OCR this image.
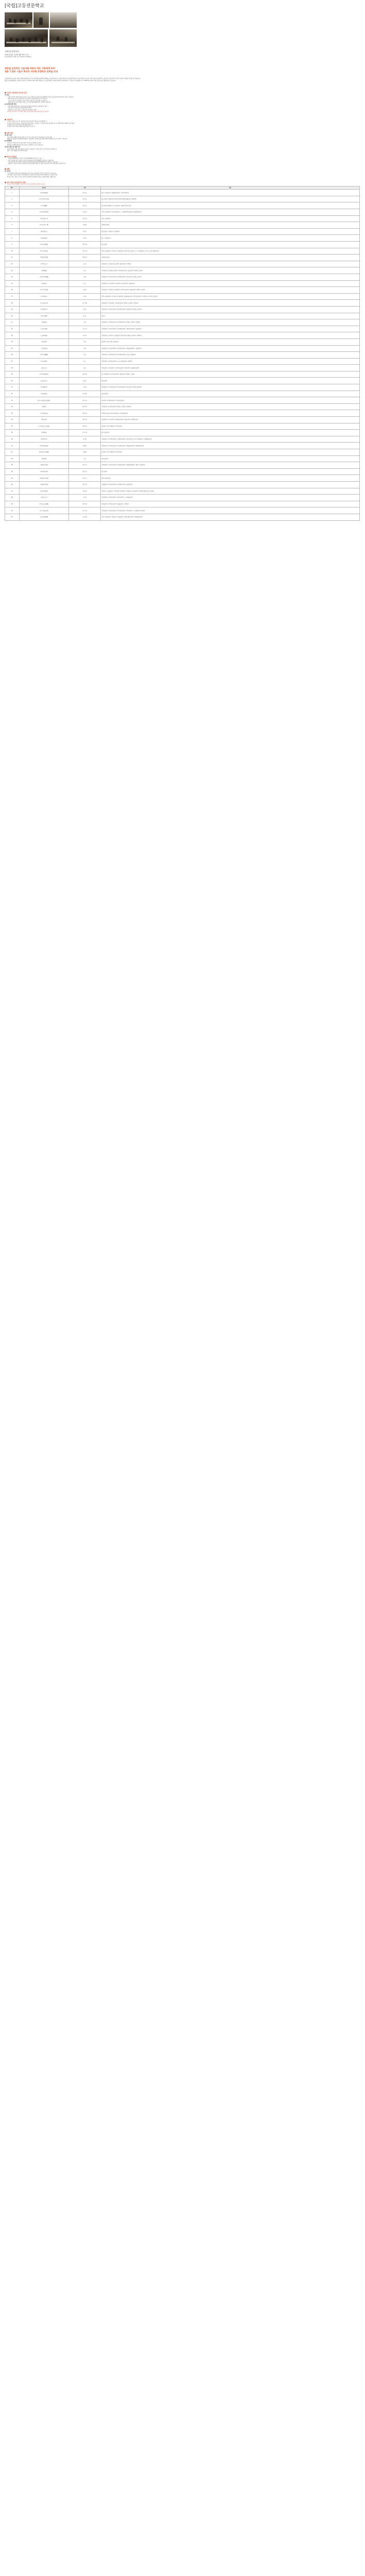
[국립]고등전문학교
국립고등전문학교
3개년 편입을 포함해 생활·학비 안내
(국공립학교) 일본 전국 51개교 57캠퍼스
취준을 실천적인 기술자를 목표로 하는 사람에게 최적
일본 기업의 기술자 학교로 국공립 공립학교 입학을 안내
고등전문학교(고전)는 중학교 졸업자를 대상으로 하는 5년제(상선계 5년 6개월) 고등교육기관으로, 실천적·창조적 기술자를 육성하는 것을 목적으로 합니다. 일본 전국에 국립 51교, 공립 3교, 사립 3교가 있으며 외국인 유학생도 받아들이고 있습니다.
졸업 후 본과졸업생은 '준학사'의 칭호가 부여되며, 대학 3학년 편입학 또는 전공과(2년) 진학을 통해 학사 학위 취득도 가능합니다. 취업률은 거의 100%에 가까워 기업으로부터 높은 평가를 받고 있습니다.
■ 고전의 교육과정 목적 및 특징
1) 특징
· 입학 후 3년간 일반교육(국어, 영어, 수학, 사회 등)과 전문교육을 병행하며 학년이 올라갈수록 전문과목의 비중이 커집니다.
· 실험·실습을 중시한 교육과정으로 실천적인 기술을 몸에 익힐 수 있습니다.
· 소인수 교육으로 교원과의 거리가 가깝고 세심한 지도를 받을 수 있습니다.
· 로봇콘테스트, 프로그래밍 콘테스트 등 각종 경진대회에 적극 참가하고 있습니다.
2) 유학생 입학 경로
· 일본 정부(문부과학성) 국비외국인유학생(고등전문학교 유학생)으로 입학
· 사비 외국인 유학생으로 편입학(3학년 편입)
· 말레이시아, 몽골, 태국 등 정부 파견 유학생으로 입학
※ 한국인의 경우 국비 유학생 선발은 주한일본대사관을 통해 매년 실시됩니다.
■ 지원자격
① 외국 국적을 가진 자로 외국에서 학교교육 12년 과정을 이수(예정)한 자
② 일본어능력이 입학 후 수업을 받기에 충분하다고 인정되는 자 (일본어능력시험 N2 이상 또는 EJU 일본어 200점 이상 권장)
③ 입학 시점 기준 만 17세 이상 22세 미만인 자
④ 일본 입국 후 '유학' 재류자격을 취득할 수 있는 자
■ 입학 절차
1) 원서 접수
매년 11월~12월 (학교별 상이) 각 고전 입시 담당 창구로 직접 제출 또는 우편 제출
제출서류: 입학원서, 졸업(예정)증명서, 성적증명서, 일본어능력 증명서, EJU 성적통지서 사본, 추천서, 여권 사본
2) 선발방법
서류심사, 학력검사(수학·물리·화학), 면접 등을 종합적으로 평가
학력검사는 EJU(일본유학시험) 성적으로 대체하는 학교가 많습니다.
3) 합격 발표 및 입학 수속
합격자 발표는 1월~2월 중순에 실시되며, 입학금 및 수업료 납부 후 입학 절차가 완료됩니다.
입학 시기는 4월입니다. (3학년 편입)
■ 학비 및 장학금
· 입학금: 84,600엔 / 수업료: 연간 234,600엔 (국립 고전 기준)
· 국비 유학생의 경우 입학금·수업료가 면제되며 월 117,000엔의 장학금이 지급됩니다.
· 사비 유학생은 문부과학성 외국인 유학생 학습장려비(월 48,000엔) 등에 지원할 수 있습니다.
· 대부분의 고전에 기숙사가 설치되어 있으며 저렴한 비용으로 이용 가능합니다. (식비 포함 월 3~4만엔 정도)
■ 생활
1) 기숙사
고전 대부분은 학생 기숙사(학료)를 갖추고 있으며 유학생은 우선적으로 입사할 수 있습니다.
기숙사에는 일본인 학생도 함께 생활하므로 일본어 실력 향상과 문화 이해에 큰 도움이 됩니다.
2) 튜터 제도: 입학 후 1년간 일본인 학생 튜터가 배정되어 학습 및 생활 전반을 지원합니다.
■ 전국 국립고등전문학교 일람
※ 학과 구성은 변경될 수 있으므로 각 학교 홈페이지를 확인해 주십시오.
No.	학교명	지역	학과
1	하코다테(函館)	홋카이도	생산시스템공학과 / 물질환경공학과 / 사회기반공학과
2	도마코마이(苫小牧)	홋카이도	창조공학과 (기계계·전기전자계·정보계·응용화학생물계·도시환경계)
3	구시로(釧路)	홋카이도	창조공학과 (엘렉트로닉스·정보공학·기계공학·건축디자인)
4	아사히카와(旭川)	홋카이도	기계시스템공학과 / 전기정보공학과 / 시스템제어정보공학과 / 물질화학공학과
5	하치노헤(八戸)	아오모리	산업시스템공학과
6	이치노세키(一関)	이와테	미래창조공학과
7	센다이(仙台)	미야기	총합공학과 / 정보전자시스템공학과
8	아키타(秋田)	아키타	창조시스템공학과
9	쓰루오카(鶴岡)	야마가타	창조공학과
10	후쿠시마(福島)	후쿠시마	기계시스템공학과 / 전기전자시스템공학과 / 화학·바이오공학과 / 도시시스템공학과 / 비즈니스코뮤니케이션학과
11	이바라키(茨城)	이바라키	국제창조공학과
12	오야마(小山)	도치기	기계공학과 / 전기전자창조공학과 / 물질공학과 / 건축학과
13	군마(群馬)	군마	기계공학과 / 전자메디어공학과 / 전자정보공학과 / 물질공학과 / 환경도시공학과
14	기사라즈(木更津)	지바	기계공학과 / 전기전자공학과 / 전자제어공학과 / 정보공학과 / 환경도시공학과
15	도쿄(東京)	도쿄	기계공학과 / 전기공학과 / 전자공학과 / 정보공학과 / 물질공학과
16	나가오카(長岡)	니가타	기계공학과 / 전기전자시스템공학과 / 전자제어공학과 / 물질공학과 / 환경도시공학과
17	도야마(富山)	도야마	기계시스템공학과 / 전기제어시스템공학과 / 물질화학공학과 / 전자정보공학과 / 국제비즈니스학과 / 상선학과
18	이시카와(石川)	이시카와	기계공학과 / 전기공학과 / 전자정보공학과 / 환경도시공학과 / 건축학과
19	후쿠이(福井)	후쿠이	기계공학과 / 전기전자공학과 / 전자정보공학과 / 물질공학과 / 환경도시공학과
20	나가노(長野)	나가노	공학과
21	기후(岐阜)	기후	기계공학과 / 전기정보공학과 / 전자제어공학과 / 환경도시공학과 / 건축학과
22	누마즈(沼津)	시즈오카	기계공학과 / 전기전자공학과 / 전자제어공학과 / 제어정보공학과 / 물질공학과
23	도요타(豊田)	아이치	기계공학과 / 전기전자시스템공학과 / 정보공학과 / 환경도시공학과 / 건축학과
24	도바(鳥羽)	미에	상선학과 / 정보기계시스템공학과
25	스즈카(鈴鹿)	미에	기계공학과 / 전기전자공학과 / 전자정보공학과 / 생물응용화학과 / 재료공학과
26	마이즈루(舞鶴)	교토	기계공학과 / 전기정보공학과 / 전자제어공학과 / 건설시스템공학과
27	아카시(明石)	효고	기계공학과 / 전기정보공학과 / 도시시스템공학과 / 건축학과
28	나라(奈良)	나라	기계공학과 / 전기공학과 / 전자제어공학과 / 정보공학과 / 물질화학공학과
29	와카야마(和歌山)	와카야마	지능기계공학과 / 전기정보공학과 / 물질공학과 / 환경도시공학과
30	요나고(米子)	돗토리	총합공학과
31	마쓰에(松江)	시마네	기계공학과 / 전기정보공학과 / 전자제어공학과 / 정보공학과 / 환경·건설공학과
32	쓰야마(津山)	오카야마	종합이공학과
33	히로시마상선(広島商船)	히로시마	상선학과 / 전자제어공학과 / 유통정보공학과
34	구레(呉)	히로시마	기계공학과 / 전기정보공학과 / 환경도시공학과 / 건축학과
35	도쿠야마(徳山)	야마구치	기계전기공학과 / 정보전자공학과 / 토목건축공학과
36	우베(宇部)	야마구치	기계공학과 / 전기공학과 / 제어정보공학과 / 물질공학과 / 경영정보학과
37	오시마상선(大島商船)	야마구치	상선학과 / 전자기계공학과 / 정보공학과
38	아난(阿南)	도쿠시마	창조기술공학과
39	가가와(香川)	가가와	기계공학과 / 전기정보공학과 / 기계전자공학과 / 정보공학과 / 전자시스템공학과 / 건설환경공학과
40	니이하마(新居浜)	에히메	기계공학과 / 전기정보공학과 / 전자제어공학과 / 생물응용화학과 / 환경재료공학과
41	유게상선(弓削商船)	에히메	상선학과 / 전자기계공학과 / 정보공학과
42	고치(高知)	고치	솔루션공학과
43	구루메(久留米)	후쿠오카	기계공학과 / 전기전자공학과 / 제어정보공학과 / 생물응용화학과 / 재료시스템공학과
44	아리아케(有明)	후쿠오카	창조공학과
45	기타큐슈(北九州)	후쿠오카	생산디자인공학과
46	사세보(佐世保)	나가사키	기계공학과 / 전기전자공학과 / 전자제어공학과 / 물질공학과
47	구마모토(熊本)	구마모토	기계지능시스템공학과 / 건축사회디자인공학과 / 생물화학시스템공학과 / 정보통신엘렉트로닉스공학과
48	오이타(大分)	오이타	기계공학과 / 전기전자공학과 / 정보공학과 / 도시·환경공학과
49	미야코노조(都城)	미야자키	기계공학과 / 전기정보공학과 / 물질공학과 / 건축학과
50	가고시마(鹿児島)	가고시마	기계공학과 / 전기전자공학과 / 전자제어공학과 / 정보공학과 / 도시환경디자인공학과
51	오키나와(沖縄)	오키나와	기계시스템공학과 / 정보통신시스템공학과 / 메디아정보공학과 / 생물자원공학과
